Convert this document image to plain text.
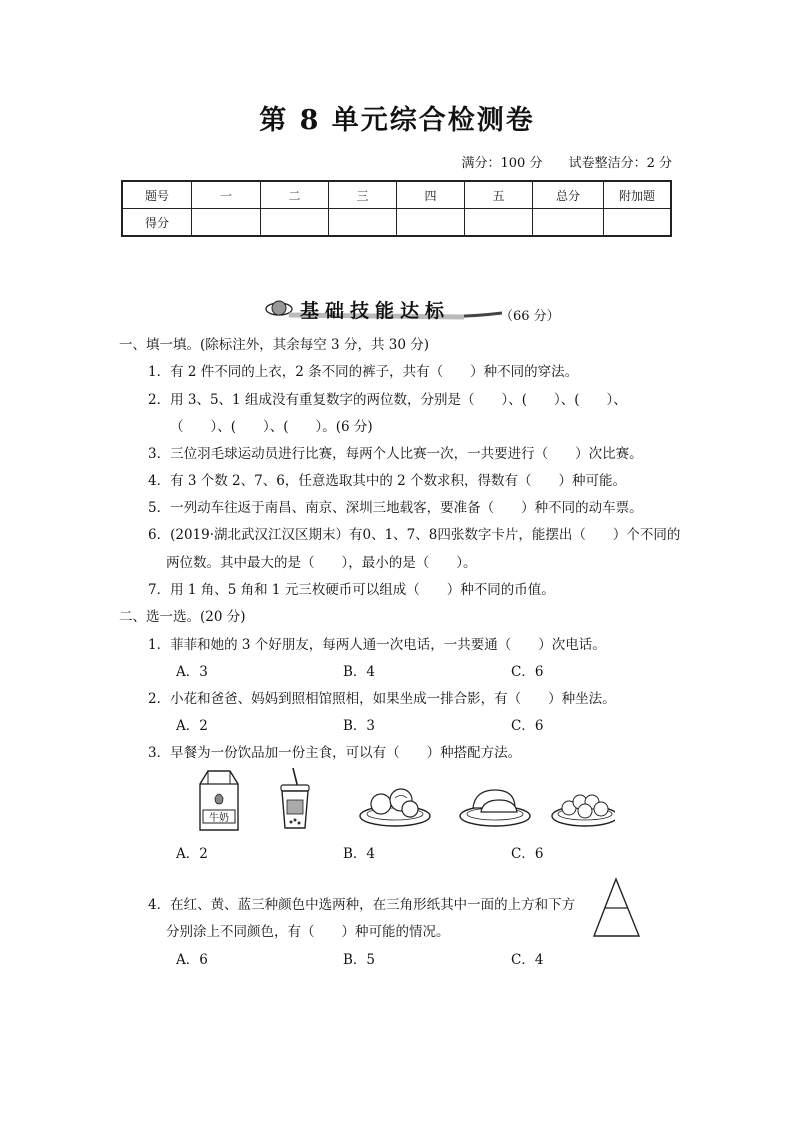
第 8 单元综合检测卷
满分：100 分 试卷整洁分：2 分
题号	一	二	三	四	五	总分	附加题
得分							
基础技能达标	（66 分）
一、填一填。(除标注外，其余每空 3 分，共 30 分)
1．有 2 件不同的上衣，2 条不同的裤子，共有（　　）种不同的穿法。
2．用 3、5、1 组成没有重复数字的两位数，分别是（　　）、(　　）、(　　）、
（　　）、(　　）、(　　）。(6 分)
3．三位羽毛球运动员进行比赛，每两个人比赛一次，一共要进行（　　）次比赛。
4．有 3 个数 2、7、6，任意选取其中的 2 个数求积，得数有（　　）种可能。
5．一列动车往返于南昌、南京、深圳三地载客，要准备（　　）种不同的动车票。
6．(2019·湖北武汉江汉区期末）有0、1、7、8四张数字卡片，能摆出（　　）个不同的
两位数。其中最大的是（　　），最小的是（　　）。
7．用 1 角、5 角和 1 元三枚硬币可以组成（　　）种不同的币值。
二、选一选。(20 分)
1．菲菲和她的 3 个好朋友，每两人通一次电话，一共要通（　　）次电话。
A．3	B．4	C．6
2．小花和爸爸、妈妈到照相馆照相，如果坐成一排合影，有（　　）种坐法。
A．2	B．3	C．6
3．早餐为一份饮品加一份主食，可以有（　　）种搭配方法。
牛奶
A．2	B．4	C．6
4．在红、黄、蓝三种颜色中选两种，在三角形纸其中一面的上方和下方
分别涂上不同颜色，有（　　）种可能的情况。
A．6	B．5	C．4
